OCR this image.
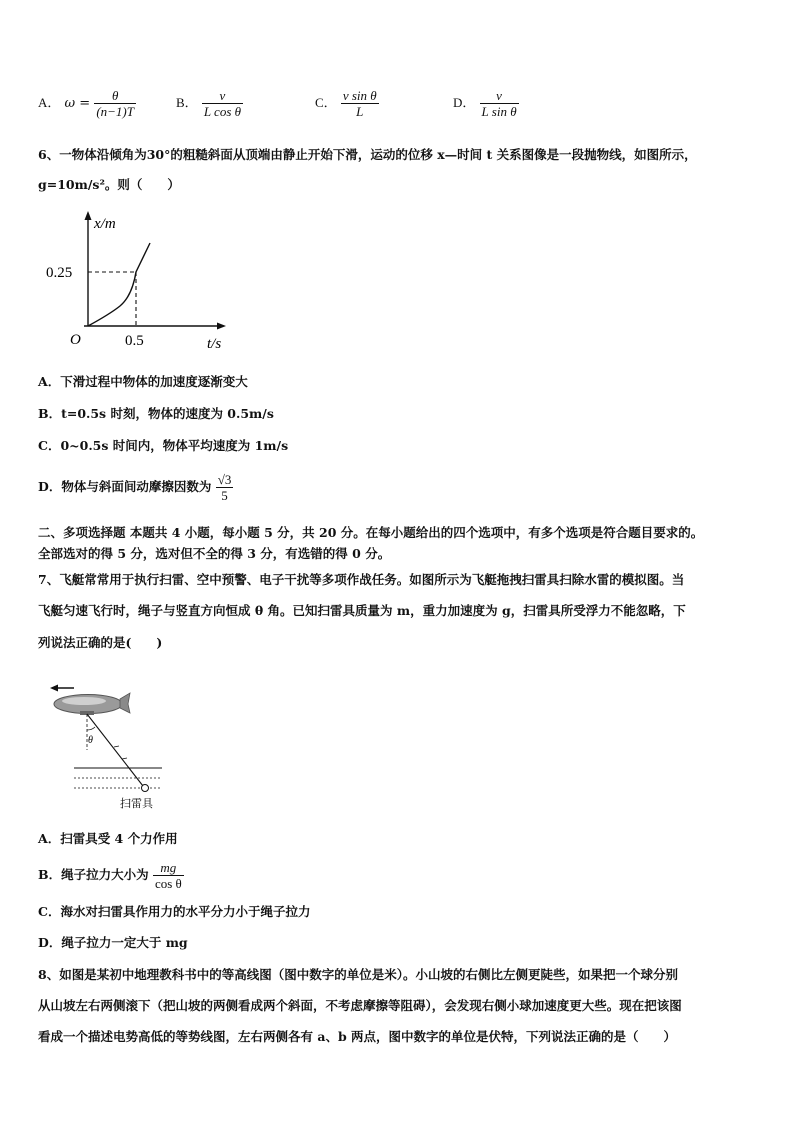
A． $\omega = \frac{\theta}{(n-1)T}$	B． $\frac{v}{\text{L cos θ}}$	C． $\frac{\text{v sin θ}}{L}$	D． $\frac{v}{\text{L sin θ}}$
6、一物体沿倾角为30°的粗糙斜面从顶端由静止开始下滑，运动的位移 x—时间 t 关系图像是一段抛物线，如图所示，
g=10m/s²。则（　　）
x/m
0.25
O	0.5	t/s
A．下滑过程中物体的加速度逐渐变大
B．t=0.5s 时刻，物体的速度为 0.5m/s
C．0~0.5s 时间内，物体平均速度为 1m/s
D．物体与斜面间动摩擦因数为 $\frac{√3}{5}$
二、多项选择题 本题共 4 小题，每小题 5 分，共 20 分。在每小题给出的四个选项中，有多个选项是符合题目要求的。
全部选对的得 5 分，选对但不全的得 3 分，有选错的得 0 分。
7、飞艇常常用于执行扫雷、空中预警、电子干扰等多项作战任务。如图所示为飞艇拖拽扫雷具扫除水雷的模拟图。当
飞艇匀速飞行时，绳子与竖直方向恒成 θ 角。已知扫雷具质量为 m，重力加速度为 g，扫雷具所受浮力不能忽略，下
列说法正确的是(　　)
θ
扫雷具
A．扫雷具受 4 个力作用
B．绳子拉力大小为 $\frac{mg}{\text{cos θ}}$
C．海水对扫雷具作用力的水平分力小于绳子拉力
D．绳子拉力一定大于 mg
8、如图是某初中地理教科书中的等高线图（图中数字的单位是米）。小山坡的右侧比左侧更陡些，如果把一个球分别
从山坡左右两侧滚下（把山坡的两侧看成两个斜面，不考虑摩擦等阻碍），会发现右侧小球加速度更大些。现在把该图
看成一个描述电势高低的等势线图，左右两侧各有 a、b 两点，图中数字的单位是伏特，下列说法正确的是（　　）
